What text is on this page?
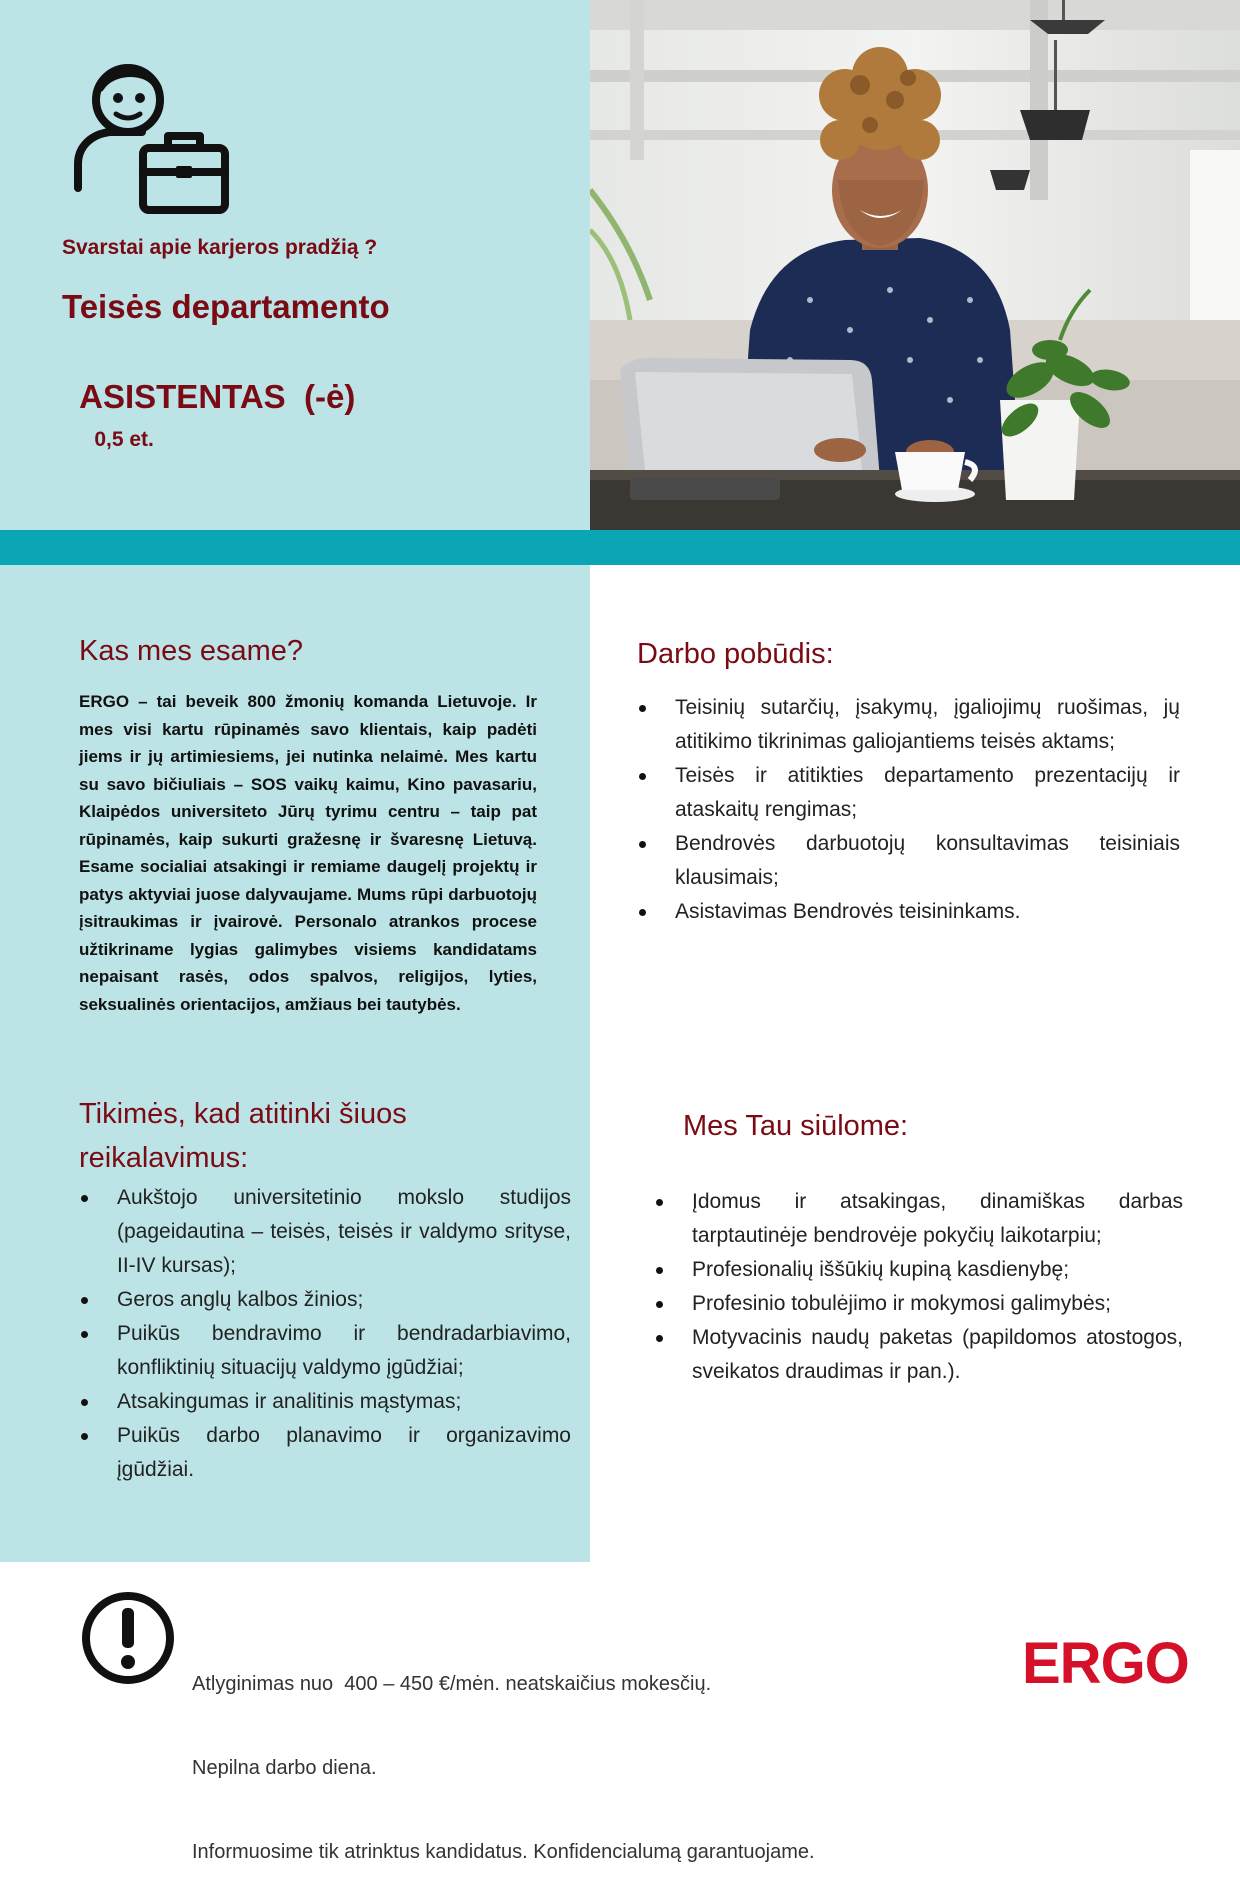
Svarstai apie karjeros pradžią ?
Teisės departamento

ASISTENTAS  (-ė)
0,5 et.

Kas mes esame?
ERGO – tai beveik 800 žmonių komanda Lietuvoje. Ir mes visi kartu rūpinamės savo klientais, kaip padėti jiems ir jų artimiesiems, jei nutinka nelaimė. Mes kartu su savo bičiuliais – SOS vaikų kaimu, Kino pavasariu, Klaipėdos universiteto Jūrų tyrimu centru – taip pat rūpinamės, kaip sukurti gražesnę ir švaresnę Lietuvą. Esame socialiai atsakingi ir remiame daugelį projektų ir patys aktyviai juose dalyvaujame. Mums rūpi darbuotojų įsitraukimas ir įvairovė. Personalo atrankos procese užtikriname lygias galimybes visiems kandidatams nepaisant rasės, odos spalvos, religijos, lyties, seksualinės orientacijos, amžiaus bei tautybės.
Tikimės, kad atitinki šiuos reikalavimus:
Aukštojo universitetinio mokslo studijos (pageidautina – teisės, teisės ir valdymo srityse, II-IV kursas);
Geros anglų kalbos žinios;
Puikūs bendravimo ir bendradarbiavimo, konfliktinių situacijų valdymo įgūdžiai;
Atsakingumas ir analitinis mąstymas;
Puikūs darbo planavimo ir organizavimo įgūdžiai.
Darbo pobūdis:
Teisinių sutarčių, įsakymų, įgaliojimų ruošimas, jų atitikimo tikrinimas galiojantiems teisės aktams;
Teisės ir atitikties departamento prezentacijų ir ataskaitų rengimas;
Bendrovės darbuotojų konsultavimas teisiniais klausimais;
Asistavimas Bendrovės teisininkams.
Mes Tau siūlome:
Įdomus ir atsakingas, dinamiškas darbas tarptautinėje bendrovėje pokyčių laikotarpiu;
Profesionalių iššūkių kupiną kasdienybę;
Profesinio tobulėjimo ir mokymosi galimybės;
Motyvacinis naudų paketas (papildomos atostogos, sveikatos draudimas ir pan.).

Atlyginimas nuo  400 – 450 €/mėn. neatskaičius mokesčių.

Nepilna darbo diena.

Informuosime tik atrinktus kandidatus. Konfidencialumą garantuojame.

ERGO
